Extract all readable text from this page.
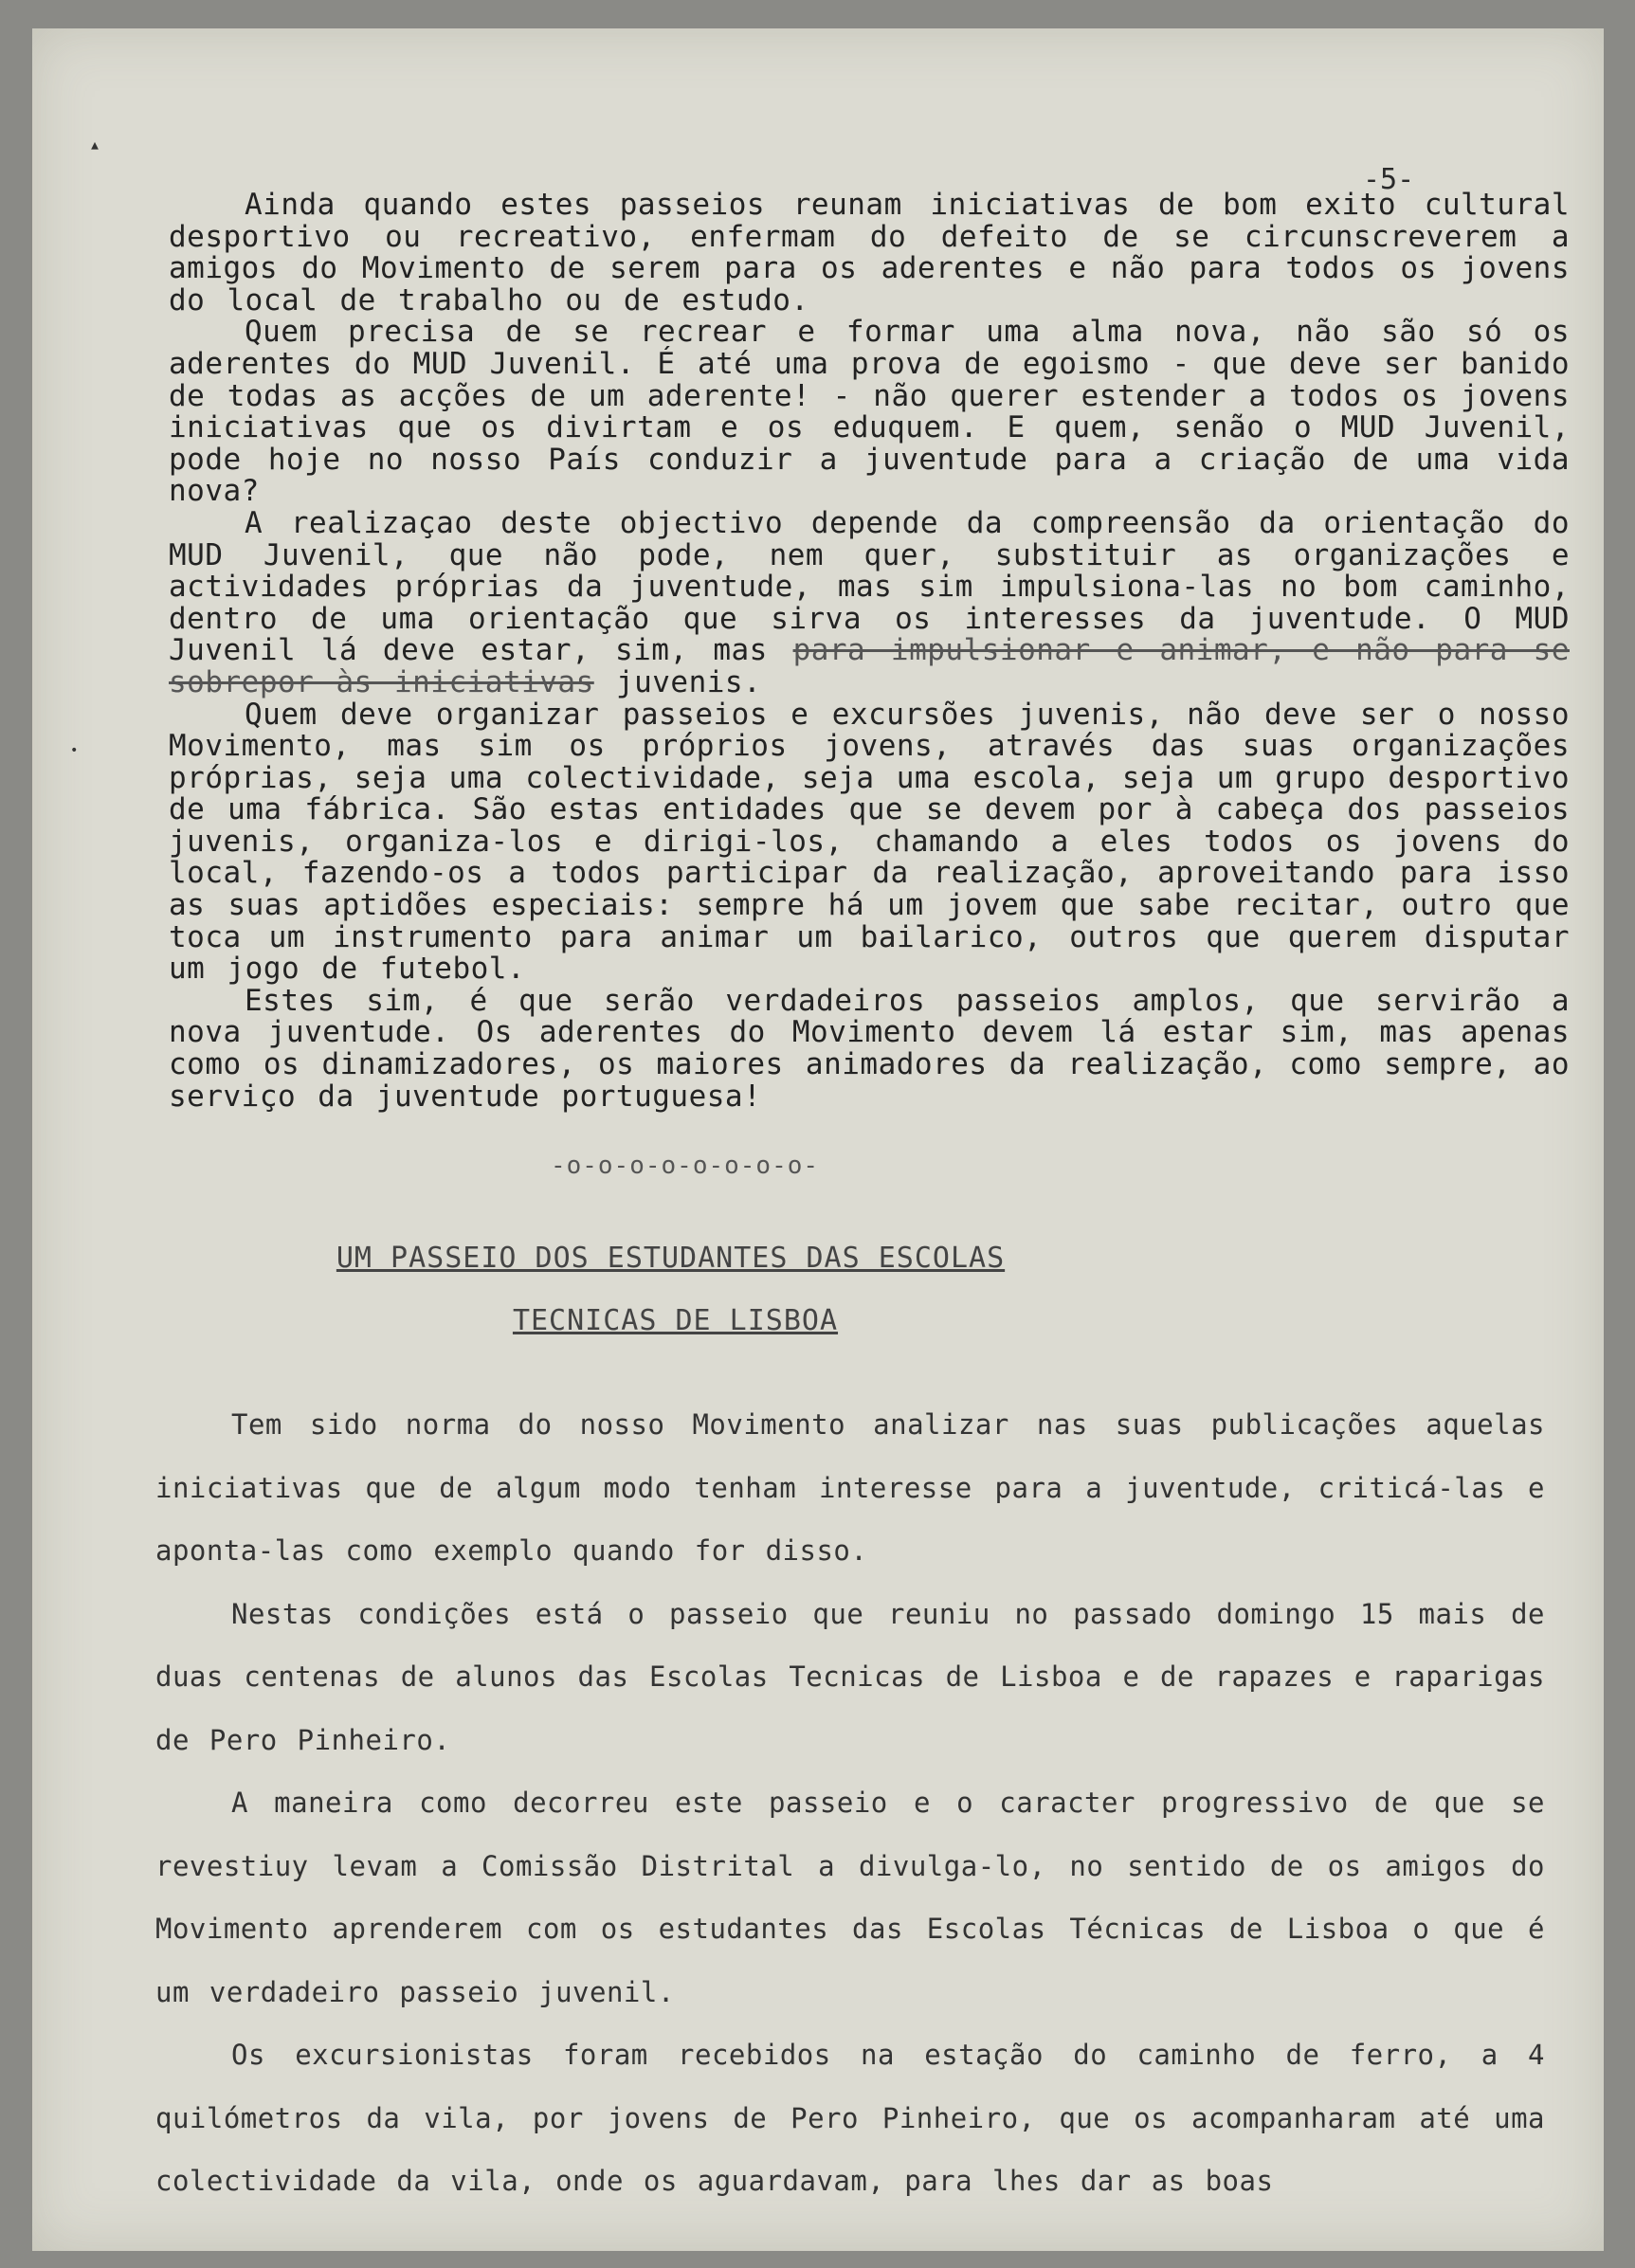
▴
•
-5-

Ainda quando estes passeios reunam iniciativas de bom exito cultural desportivo ou recreativo, enfermam do defeito de se circunscreverem a amigos do Movimento de serem para os aderentes e não para todos os jovens do local de trabalho ou de estudo.

Quem precisa de se recrear e formar uma alma nova, não são só os aderentes do MUD Juvenil. É até uma prova de egoismo - que deve ser banido de todas as acções de um aderente! - não querer estender a todos os jovens iniciativas que os divirtam e os eduquem. E quem, senão o MUD Juvenil, pode hoje no nosso País conduzir a juventude para a criação de uma vida nova?

A realizaçao deste objectivo depende da compreensão da orientação do MUD Juvenil, que não pode, nem quer, substituir as organizações e actividades próprias da juventude, mas sim impulsiona-las no bom caminho, dentro de uma orientação que sirva os interesses da juventude. O MUD Juvenil lá deve estar, sim, mas para impulsionar e animar, e não para se sobrepor às iniciativas juvenis.

Quem deve organizar passeios e excursões juvenis, não deve ser o nosso Movimento, mas sim os próprios jovens, através das suas organizações próprias, seja uma colectividade, seja uma escola, seja um grupo desportivo de uma fábrica. São estas entidades que se devem por à cabeça dos passeios juvenis, organiza-los e dirigi-los, chamando a eles todos os jovens do local, fazendo-os a todos participar da realização, aproveitando para isso as suas aptidões especiais: sempre há um jovem que sabe recitar, outro que toca um instrumento para animar um bailarico, outros que querem disputar um jogo de futebol.

Estes sim, é que serão verdadeiros passeios amplos, que servirão a nova juventude. Os aderentes do Movimento devem lá estar sim, mas apenas como os dinamizadores, os maiores animadores da realização, como sempre, ao serviço da juventude portuguesa!

-o-o-o-o-o-o-o-o-
UM PASSEIO DOS ESTUDANTES DAS ESCOLAS
TECNICAS DE LISBOA

Tem sido norma do nosso Movimento analizar nas suas publicações aquelas iniciativas que de algum modo tenham interesse para a juventude, criticá-las e aponta-las como exemplo quando for disso.

Nestas condições está o passeio que reuniu no passado domingo 15 mais de duas centenas de alunos das Escolas Tecnicas de Lisboa e de rapazes e raparigas de Pero Pinheiro.

A maneira como decorreu este passeio e o caracter progressivo de que se revestiuy levam a Comissão Distrital a divulga-lo, no sentido de os amigos do Movimento aprenderem com os estudantes das Escolas Técnicas de Lisboa o que é um verdadeiro passeio juvenil.

Os excursionistas foram recebidos na estação do caminho de ferro, a 4 quilómetros da vila, por jovens de Pero Pinheiro, que os acompanharam até uma colectividade da vila, onde os aguardavam, para lhes dar as boas
